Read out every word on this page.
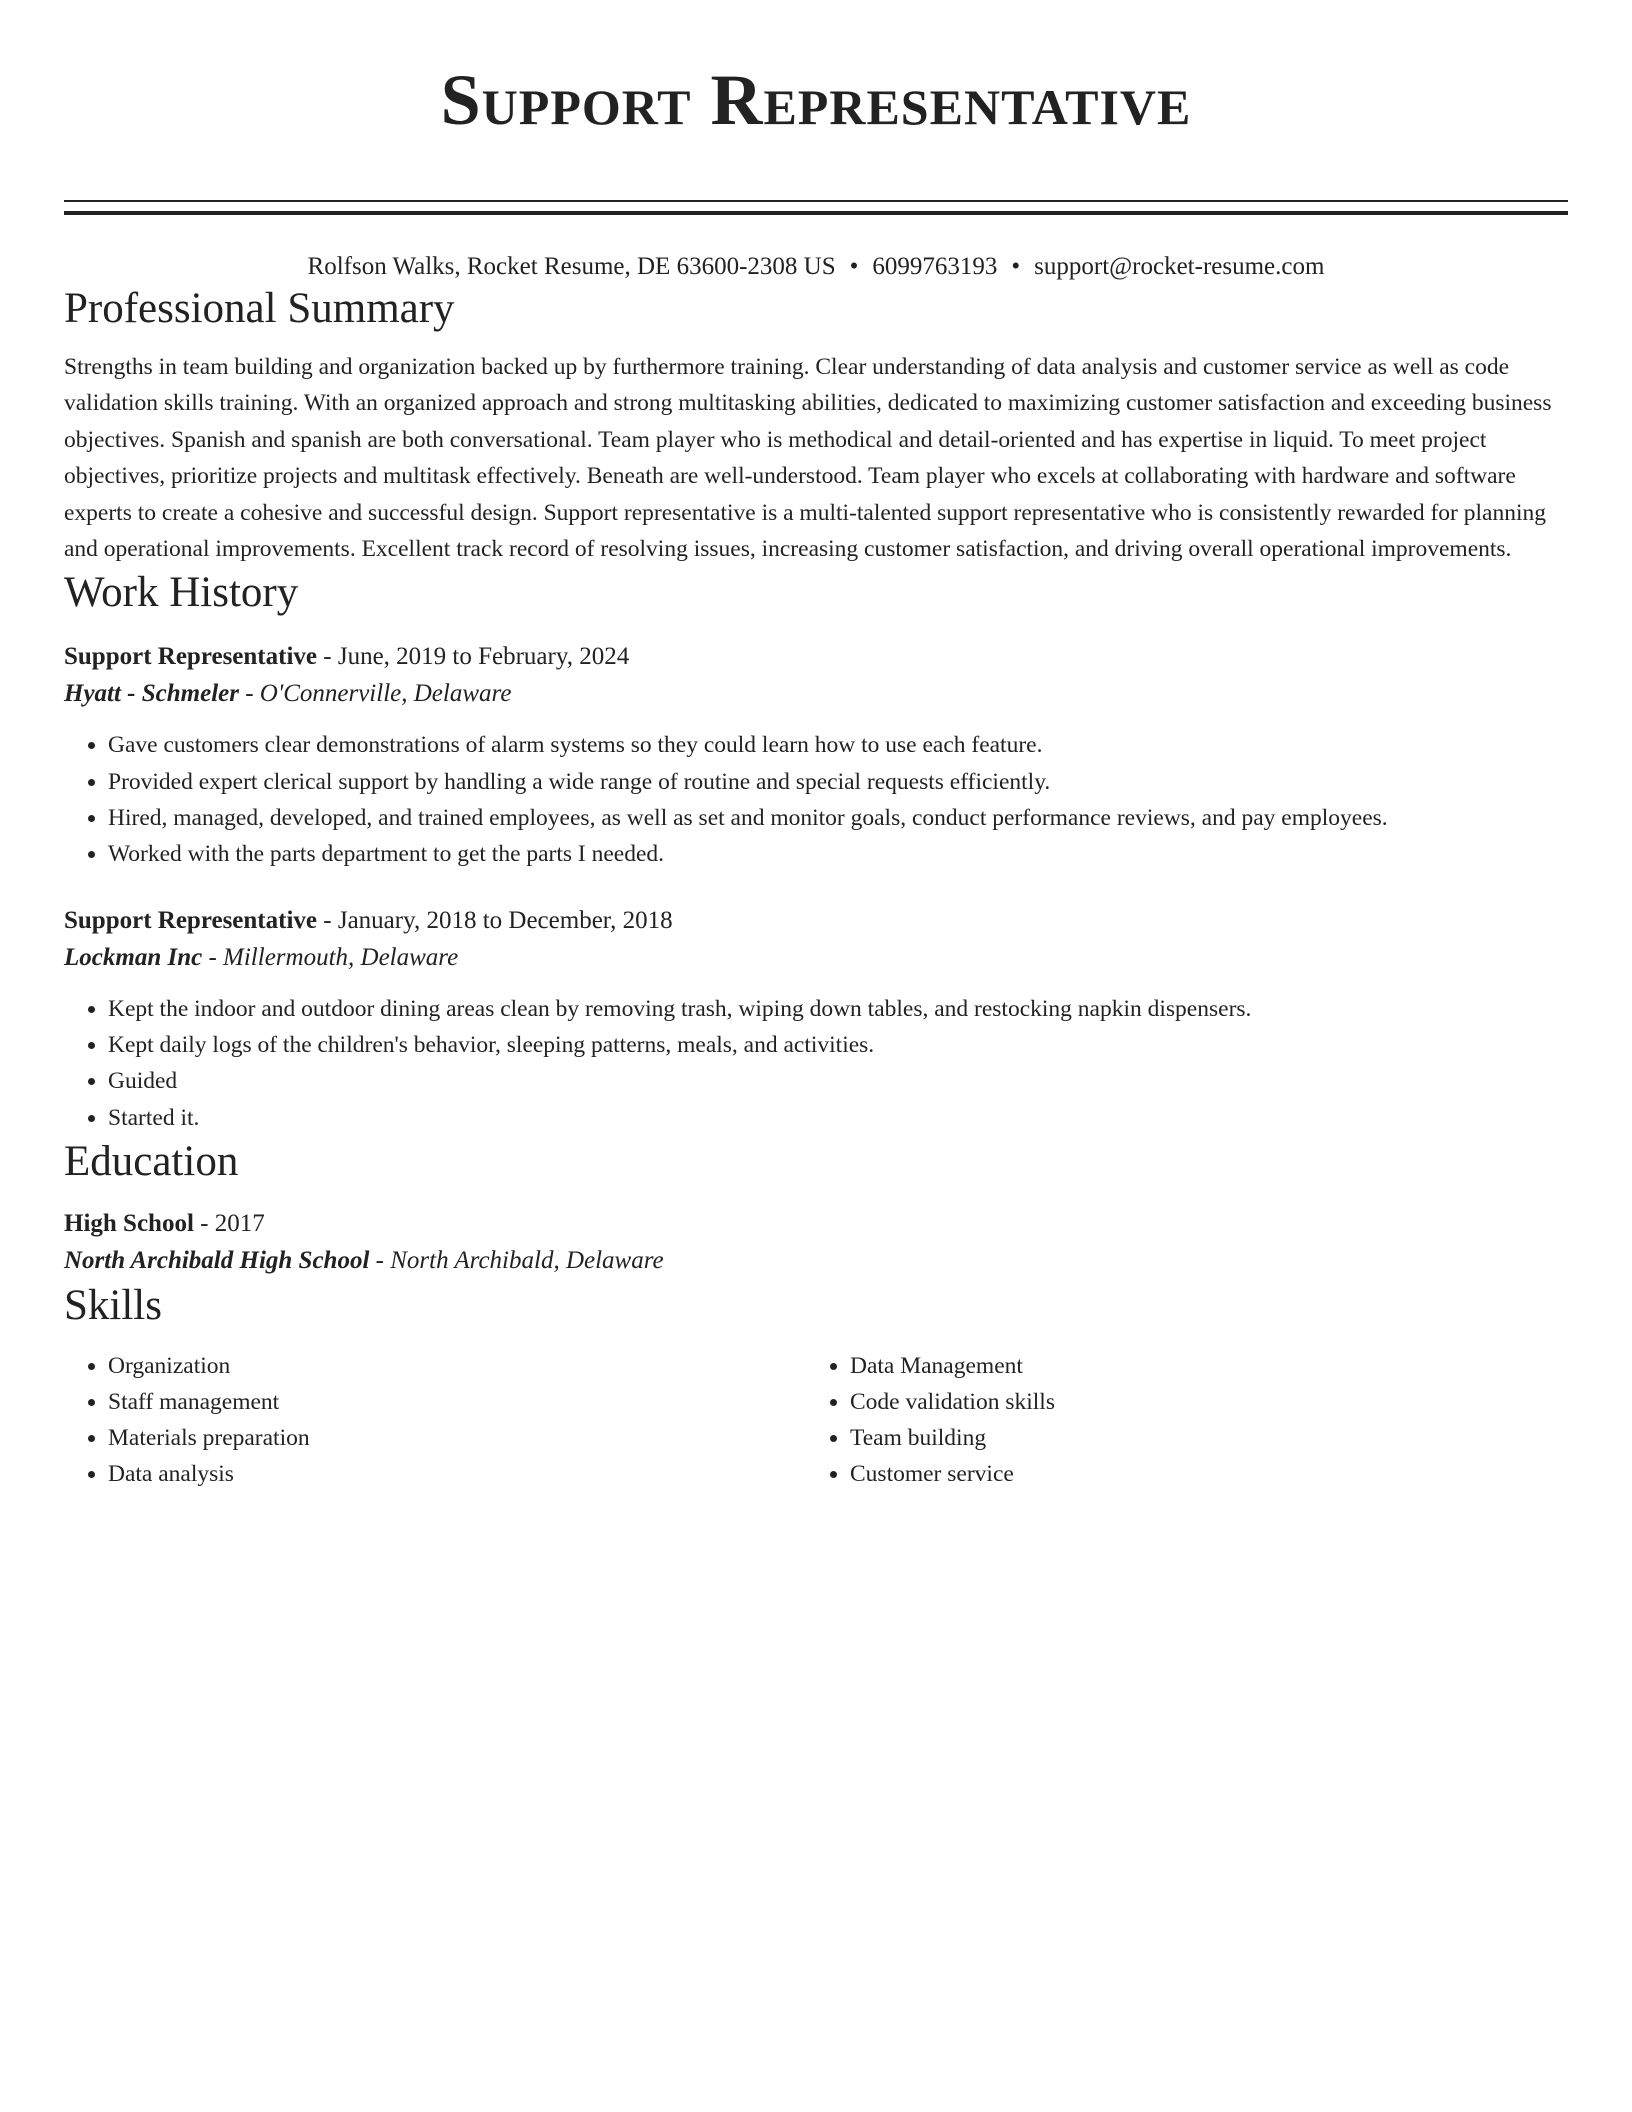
Support Representative
Rolfson Walks, Rocket Resume, DE 63600-2308 US • 6099763193 • support@rocket-resume.com
Professional Summary
Strengths in team building and organization backed up by furthermore training. Clear understanding of data analysis and customer service as well as code validation skills training. With an organized approach and strong multitasking abilities, dedicated to maximizing customer satisfaction and exceeding business objectives. Spanish and spanish are both conversational. Team player who is methodical and detail-oriented and has expertise in liquid. To meet project objectives, prioritize projects and multitask effectively. Beneath are well-understood. Team player who excels at collaborating with hardware and software experts to create a cohesive and successful design. Support representative is a multi-talented support representative who is consistently rewarded for planning and operational improvements. Excellent track record of resolving issues, increasing customer satisfaction, and driving overall operational improvements.
Work History
Support Representative - June, 2019 to February, 2024
Hyatt - Schmeler - O'Connerville, Delaware
• Gave customers clear demonstrations of alarm systems so they could learn how to use each feature.
• Provided expert clerical support by handling a wide range of routine and special requests efficiently.
• Hired, managed, developed, and trained employees, as well as set and monitor goals, conduct performance reviews, and pay employees.
• Worked with the parts department to get the parts I needed.
Support Representative - January, 2018 to December, 2018
Lockman Inc - Millermouth, Delaware
• Kept the indoor and outdoor dining areas clean by removing trash, wiping down tables, and restocking napkin dispensers.
• Kept daily logs of the children's behavior, sleeping patterns, meals, and activities.
• Guided
• Started it.
Education
High School - 2017
North Archibald High School - North Archibald, Delaware
Skills
• Organization
• Staff management
• Materials preparation
• Data analysis
• Data Management
• Code validation skills
• Team building
• Customer service
